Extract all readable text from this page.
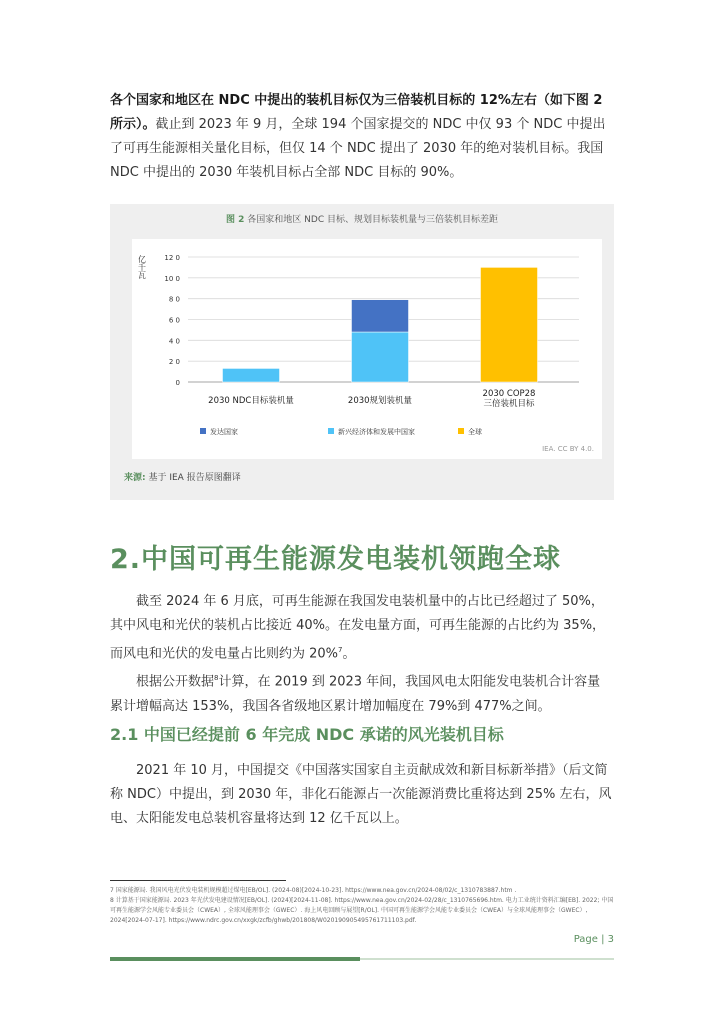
各个国家和地区在 NDC 中提出的装机目标仅为三倍装机目标的 12%左右（如下图 2 所示）。截止到 2023 年 9 月，全球 194 个国家提交的 NDC 中仅 93 个 NDC 中提出了可再生能源相关量化目标，但仅 14 个 NDC 提出了 2030 年的绝对装机目标。我国 NDC 中提出的 2030 年装机目标占全部 NDC 目标的 90%。

图 2 各国家和地区 NDC 目标、规划目标装机量与三倍装机目标差距

亿千瓦
0
2 0
4 0
6 0
8 0
10 0
12 0
2030 NDC目标装机量	2030规划装机量
2030 COP28
三倍装机目标
发达国家	新兴经济体和发展中国家	全球
IEA. CC BY 4.0.

来源: 基于 IEA 报告原图翻译

2.中国可再生能源发电装机领跑全球

截至 2024 年 6 月底，可再生能源在我国发电装机量中的占比已经超过了 50%，其中风电和光伏的装机占比接近 40%。在发电量方面，可再生能源的占比约为 35%，而风电和光伏的发电量占比则约为 20%$^7$。

根据公开数据$^8$计算，在 2019 到 2023 年间，我国风电太阳能发电装机合计容量累计增幅高达 153%，我国各省级地区累计增加幅度在 79%到 477%之间。

2.1 中国已经提前 6 年完成 NDC 承诺的风光装机目标

2021 年 10 月，中国提交《中国落实国家自主贡献成效和新目标新举措》（后文简称 NDC）中提出，到 2030 年，非化石能源占一次能源消费比重将达到 25% 左右，风电、太阳能发电总装机容量将达到 12 亿千瓦以上。

7 国家能源局. 我国风电光伏发电装机规模超过煤电[EB/OL]. (2024-08)[2024-10-23]. https://www.nea.gov.cn/2024-08/02/c_1310783887.htm .
8 计算基于国家能源局. 2023 年光伏发电建设情况[EB/OL]. (2024)[2024-11-08]. https://www.nea.gov.cn/2024-02/28/c_1310765696.htm. 电力工业统计资料汇编[EB]. 2022; 中国可再生能源学会风能专业委员会（CWEA）, 全球风能理事会（GWEC）. 海上风电回顾与展望[R/OL]. 中国可再生能源学会风能专业委员会（CWEA）与全球风能理事会（GWEC）, 2024[2024-07-17]. https://www.ndrc.gov.cn/xxgk/zcfb/ghwb/201808/W020190905495761711103.pdf.
Page | 3
